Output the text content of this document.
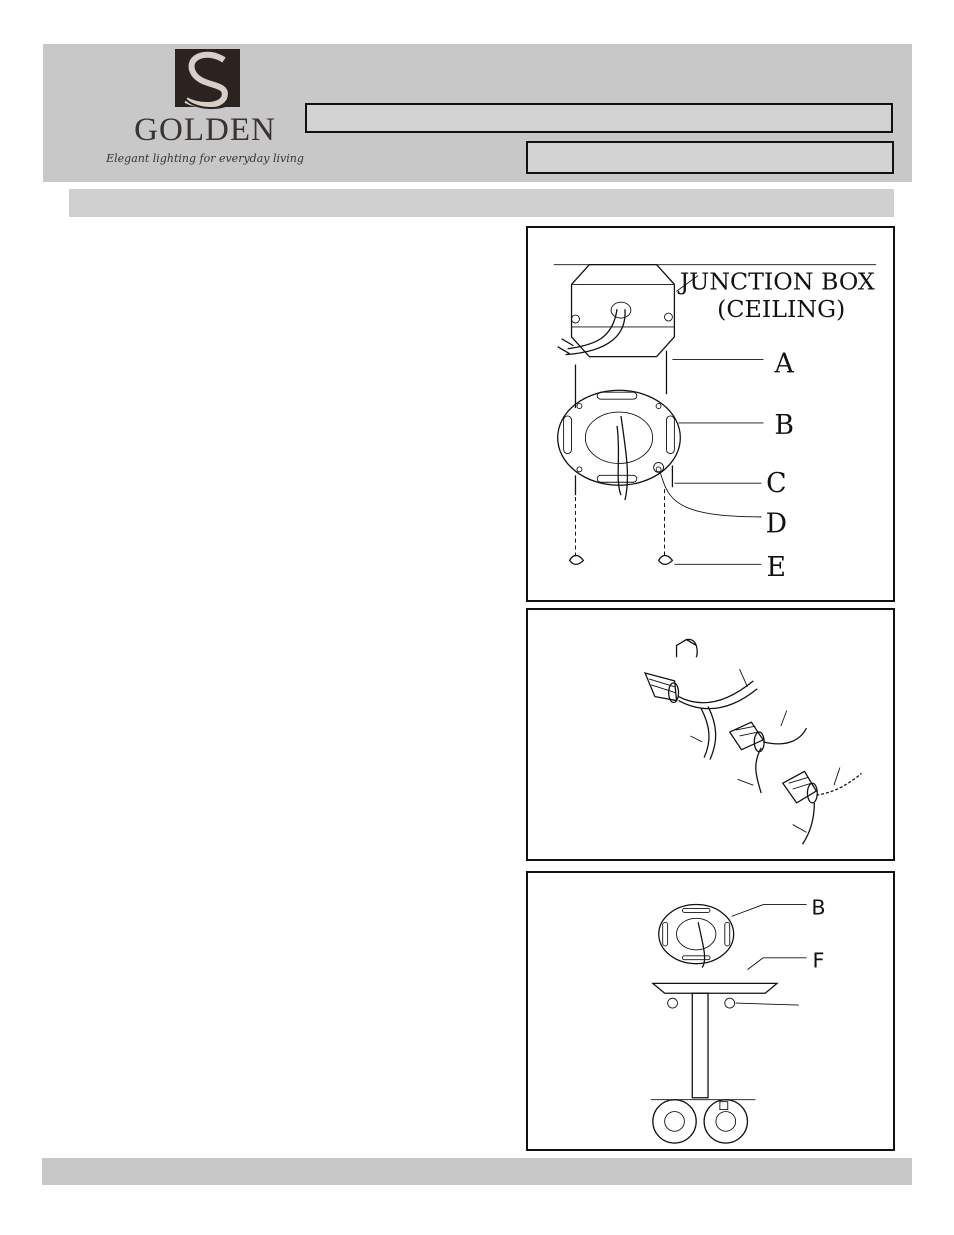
GOLDEN
Elegant lighting for everyday living
JUNCTION BOX
(CEILING)
A
B
C
D
E
B
F
